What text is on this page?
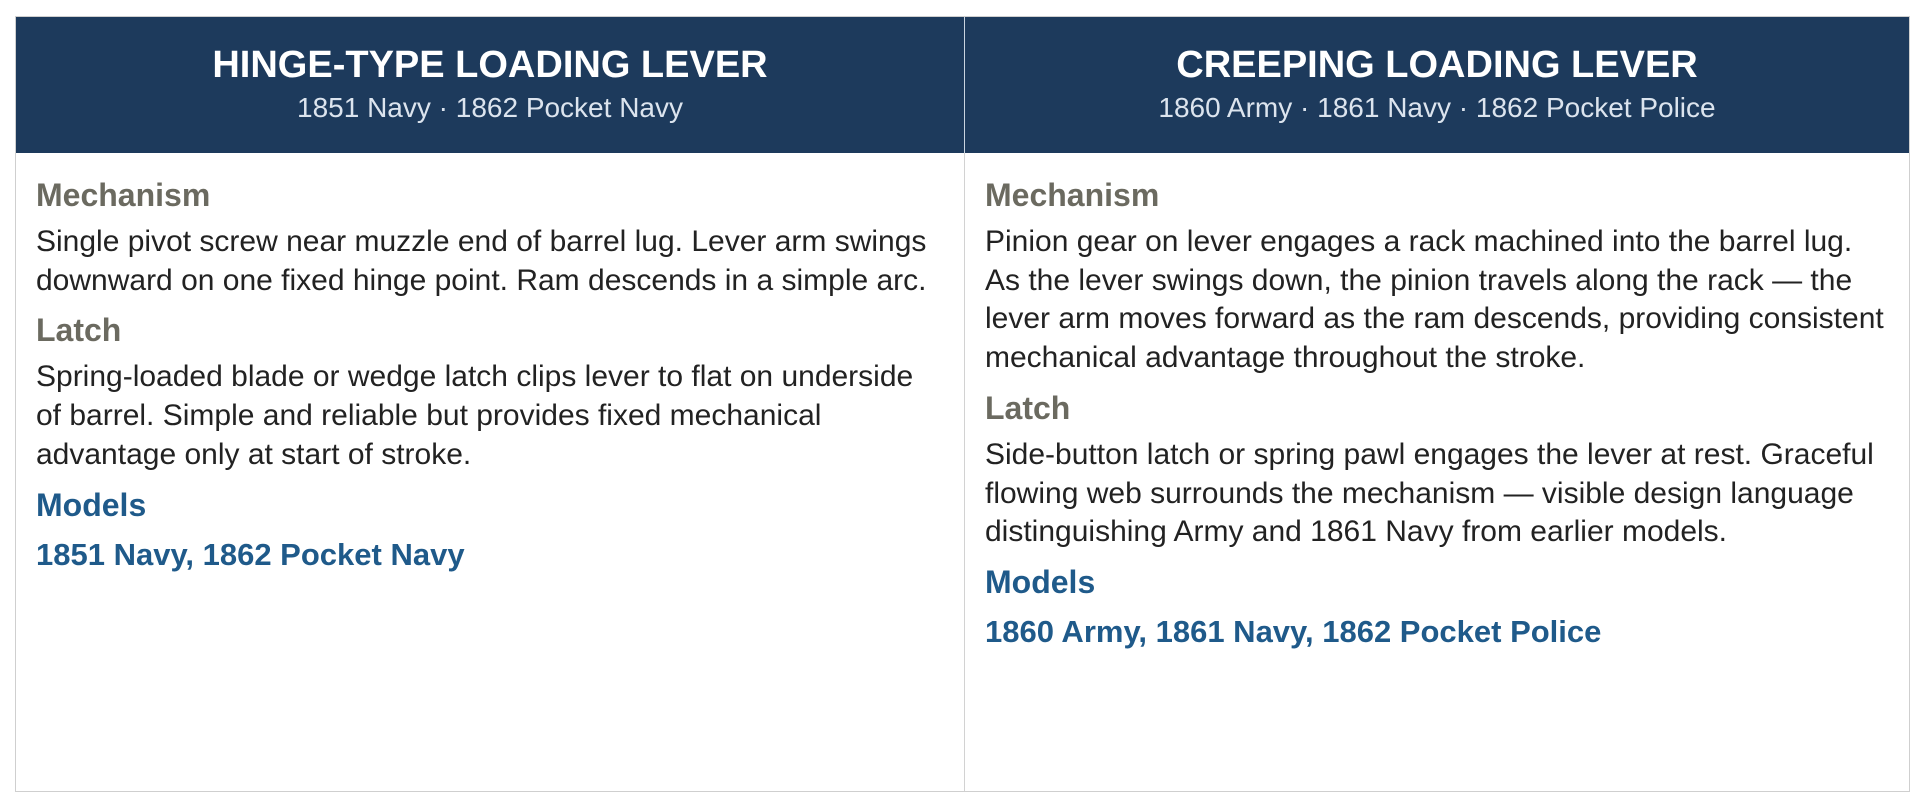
HINGE-TYPE LOADING LEVER
1851 Navy · 1862 Pocket Navy
CREEPING LOADING LEVER
1860 Army · 1861 Navy · 1862 Pocket Police
Mechanism
Single pivot screw near muzzle end of barrel lug. Lever arm swings downward on one fixed hinge point. Ram descends in a simple arc.
Latch
Spring-loaded blade or wedge latch clips lever to flat on underside of barrel. Simple and reliable but provides fixed mechanical advantage only at start of stroke.
Models
1851 Navy, 1862 Pocket Navy
Mechanism
Pinion gear on lever engages a rack machined into the barrel lug. As the lever swings down, the pinion travels along the rack — the lever arm moves forward as the ram descends, providing consistent mechanical advantage throughout the stroke.
Latch
Side-button latch or spring pawl engages the lever at rest. Graceful flowing web surrounds the mechanism — visible design language distinguishing Army and 1861 Navy from earlier models.
Models
1860 Army, 1861 Navy, 1862 Pocket Police
